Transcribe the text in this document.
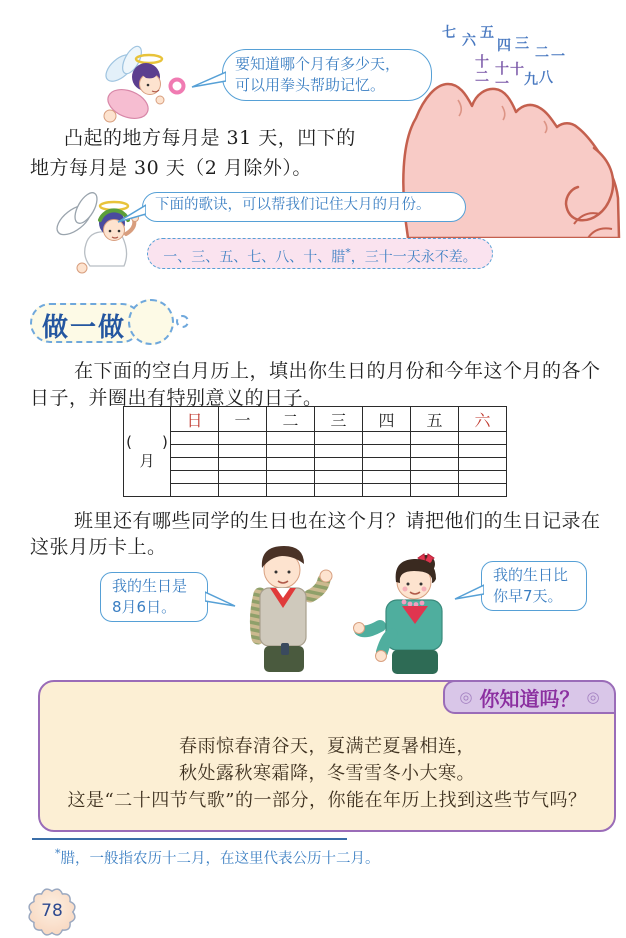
要知道哪个月有多少天，
可以用拳头帮助记忆。
七 六 五
四 三
二 一
十二 十一 十
九 八
凸起的地方每月是 31 天，凹下的
地方每月是 30 天（2 月除外）。
下面的歌诀，可以帮我们记住大月的月份。
一、三、五、七、八、十、腊*，三十一天永不差。
做一做
在下面的空白月历上，填出你生日的月份和今年这个月的各个
日子，并圈出有特别意义的日子。
(　　)
月	日	一	二	三	四	五	六

班里还有哪些同学的生日也在这个月？请把他们的生日记录在
这张月历卡上。
我的生日是
8月6日。
我的生日比
你早7天。
◎ 你知道吗？ ◎
春雨惊春清谷天，夏满芒夏暑相连，
秋处露秋寒霜降，冬雪雪冬小大寒。
这是“二十四节气歌”的一部分，你能在年历上找到这些节气吗？
*腊，一般指农历十二月，在这里代表公历十二月。
78
